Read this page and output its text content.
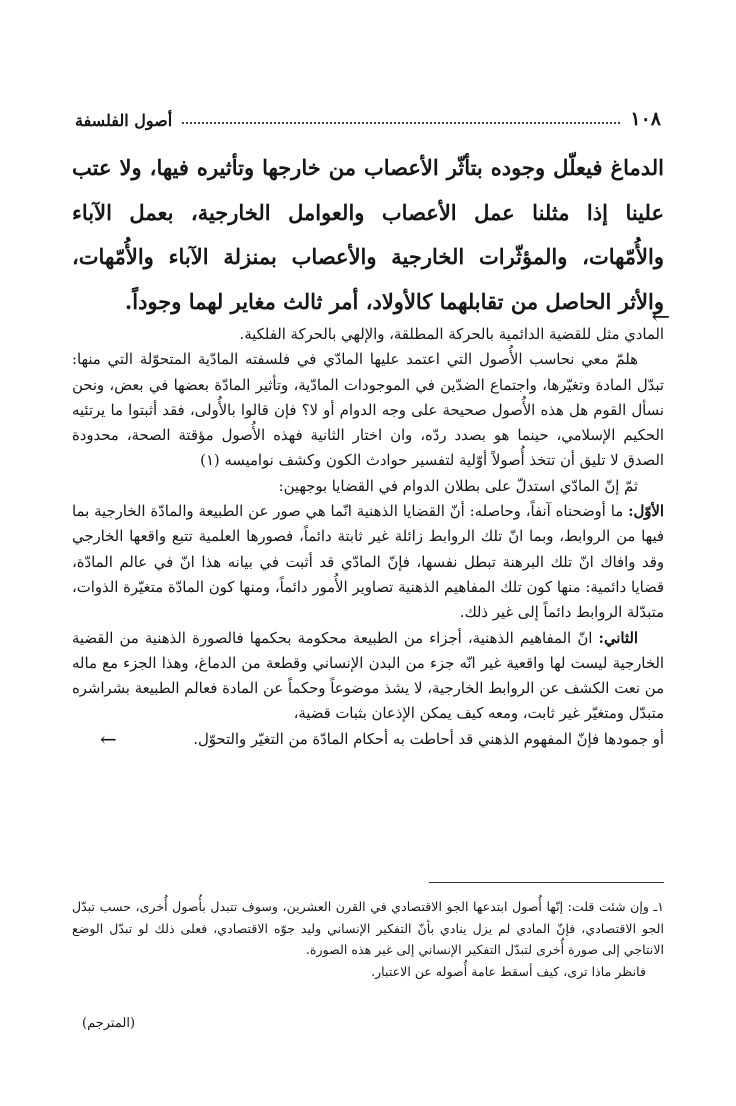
١٠٨
أصول الفلسفة

الدماغ فيعلّل وجوده بتأثّر الأعصاب من خارجها وتأثيره فيها، ولا عتب علينا إذا مثلنا عمل الأعصاب والعوامل الخارجية، بعمل الآباء والأُمّهات، والمؤثّرات الخارجية والأعصاب بمنزلة الآباء والأُمّهات، والأثر الحاصل من تقابلهما كالأولاد، أمر ثالث مغاير لهما وجوداً.

←

المادي مثل للقضية الدائمية بالحركة المطلقة، والإلهي بالحركة الفلكية.

هلمّ معي نحاسب الأُصول التي اعتمد عليها المادّي في فلسفته المادّية المتحوّلة التي منها: تبدّل المادة وتغيّرها، واجتماع الضدّين في الموجودات المادّية، وتأثير المادّة بعضها في بعض، ونحن نسأل القوم هل هذه الأُصول صحيحة على وجه الدوام أو لا؟ فإن قالوا بالأُولى، فقد أثبتوا ما يرتئيه الحكيم الإسلامي، حينما هو بصدد ردّه، وان اختار الثانية فهذه الأُصول مؤقتة الصحة، محدودة الصدق لا تليق أن تتخذ أُصولاً أوّلية لتفسير حوادث الكون وكشف نواميسه (١)

ثمّ إنّ المادّي استدلّ على بطلان الدوام في القضايا بوجهين:

الأوّل: ما أوضحناه آنفاً، وحاصله: أنّ القضايا الذهنية انّما هي صور عن الطبيعة والمادّة الخارجية بما فيها من الروابط، وبما انّ تلك الروابط زائلة غير ثابتة دائماً، فصورها العلمية تتبع واقعها الخارجي وقد وافاك انّ تلك البرهنة تبطل نفسها، فإنّ المادّي قد أثبت في بيانه هذا انّ في عالم المادّة، قضايا دائمية: منها كون تلك المفاهيم الذهنية تصاوير الأُمور دائماً، ومنها كون المادّة متغيّرة الذوات، متبدّلة الروابط دائماً إلى غير ذلك.

الثاني: انّ المفاهيم الذهنية، أجزاء من الطبيعة محكومة بحكمها فالصورة الذهنية من القضية الخارجية ليست لها واقعية غير انّه جزء من البدن الإنساني وقطعة من الدماغ، وهذا الجزء مع ماله من نعت الكشف عن الروابط الخارجية، لا يشذ موضوعاً وحكماً عن المادة فعالم الطبيعة بشراشره متبدّل ومتغيّر غير ثابت، ومعه كيف يمكن الإذعان بثبات قضية،

أو جمودها فإنّ المفهوم الذهني قد أحاطت به أحكام المادّة من التغيّر والتحوّل.
←

١ـ وإن شئت قلت: إنّها أُصول ابتدعها الجو الاقتصادي في القرن العشرين، وسوف تتبدل بأُصول أُخرى، حسب تبدّل الجو الاقتصادي، فإنّ المادي لم يزل ينادي بأنّ التفكير الإنساني وليد جوّه الاقتصادي، فعلى ذلك لو تبدّل الوضع الانتاجي إلى صورة أُخرى لتبدّل التفكير الإنساني إلى غير هذه الصورة.

فانظر ماذا ترى، كيف أسقط عامة أُصوله عن الاعتبار.

(المترجم)
